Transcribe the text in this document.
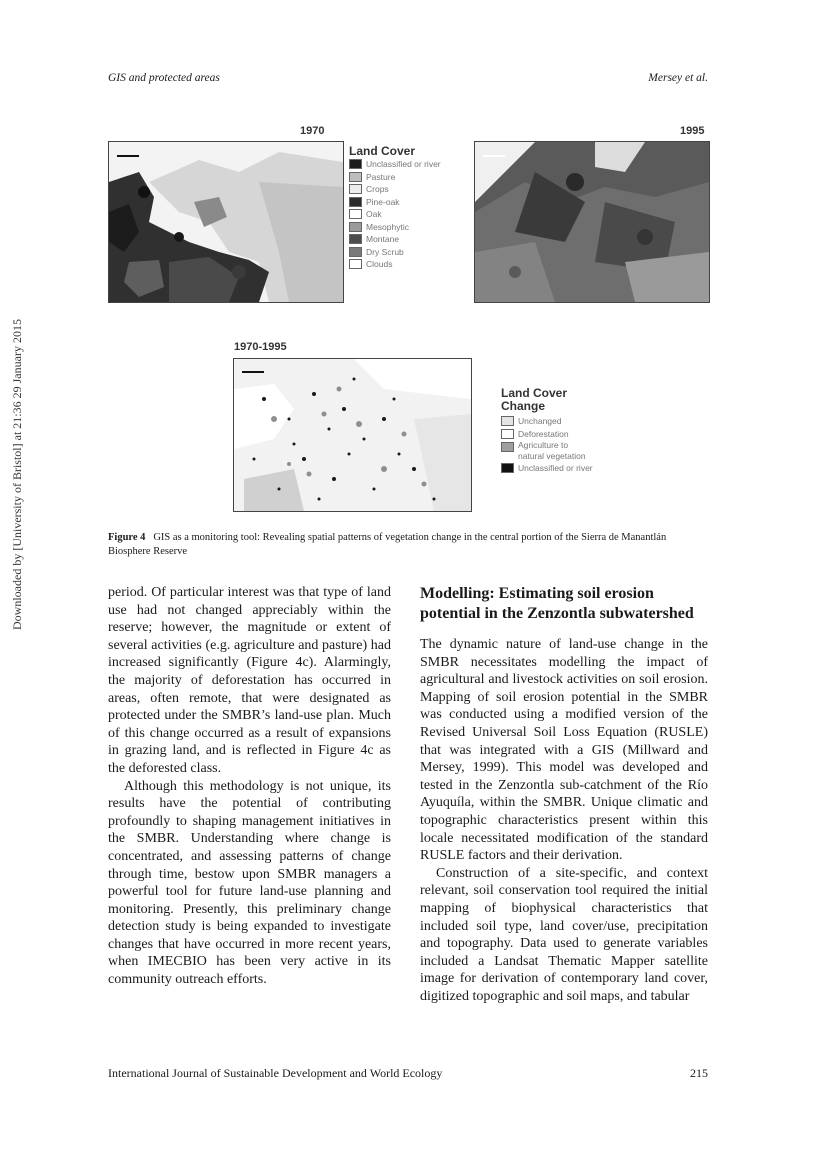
GIS and protected areas	Mersey et al.
Downloaded by [University of Bristol] at 21:36 29 January 2015
1970	1995
Land Cover
Unclassified or river
Pasture
Crops
Pine-oak
Oak
Mesophytic
Montane
Dry Scrub
Clouds
1970-1995
Land Cover
Change
Unchanged
Deforestation
Agriculture to natural vegetation
Unclassified or river
Figure 4 GIS as a monitoring tool: Revealing spatial patterns of vegetation change in the central portion of the Sierra de Manantlán Biosphere Reserve

period. Of particular interest was that type of land use had not changed appreciably within the reserve; however, the magnitude or extent of several activities (e.g. agriculture and pasture) had increased significantly (Figure 4c). Alarmingly, the majority of deforestation has occurred in areas, often remote, that were designated as protected under the SMBR’s land-use plan. Much of this change occurred as a result of expansions in grazing land, and is reflected in Figure 4c as the deforested class.

Although this methodology is not unique, its results have the potential of contributing profoundly to shaping management initiatives in the SMBR. Understanding where change is concentrated, and assessing patterns of change through time, bestow upon SMBR managers a powerful tool for future land-use planning and monitoring. Presently, this preliminary change detection study is being expanded to investigate changes that have occurred in more recent years, when IMECBIO has been very active in its community outreach efforts.

Modelling: Estimating soil erosion potential in the Zenzontla subwatershed

The dynamic nature of land-use change in the SMBR necessitates modelling the impact of agricultural and livestock activities on soil erosion. Mapping of soil erosion potential in the SMBR was conducted using a modified version of the Revised Universal Soil Loss Equation (RUSLE) that was integrated with a GIS (Millward and Mersey, 1999). This model was developed and tested in the Zenzontla sub-catchment of the Río Ayuquíla, within the SMBR. Unique climatic and topographic characteristics present within this locale necessitated modification of the standard RUSLE factors and their derivation.

Construction of a site-specific, and context relevant, soil conservation tool required the initial mapping of biophysical characteristics that included soil type, land cover/use, precipitation and topography. Data used to generate variables included a Landsat Thematic Mapper satellite image for derivation of contemporary land cover, digitized topographic and soil maps, and tabular

International Journal of Sustainable Development and World Ecology	215
